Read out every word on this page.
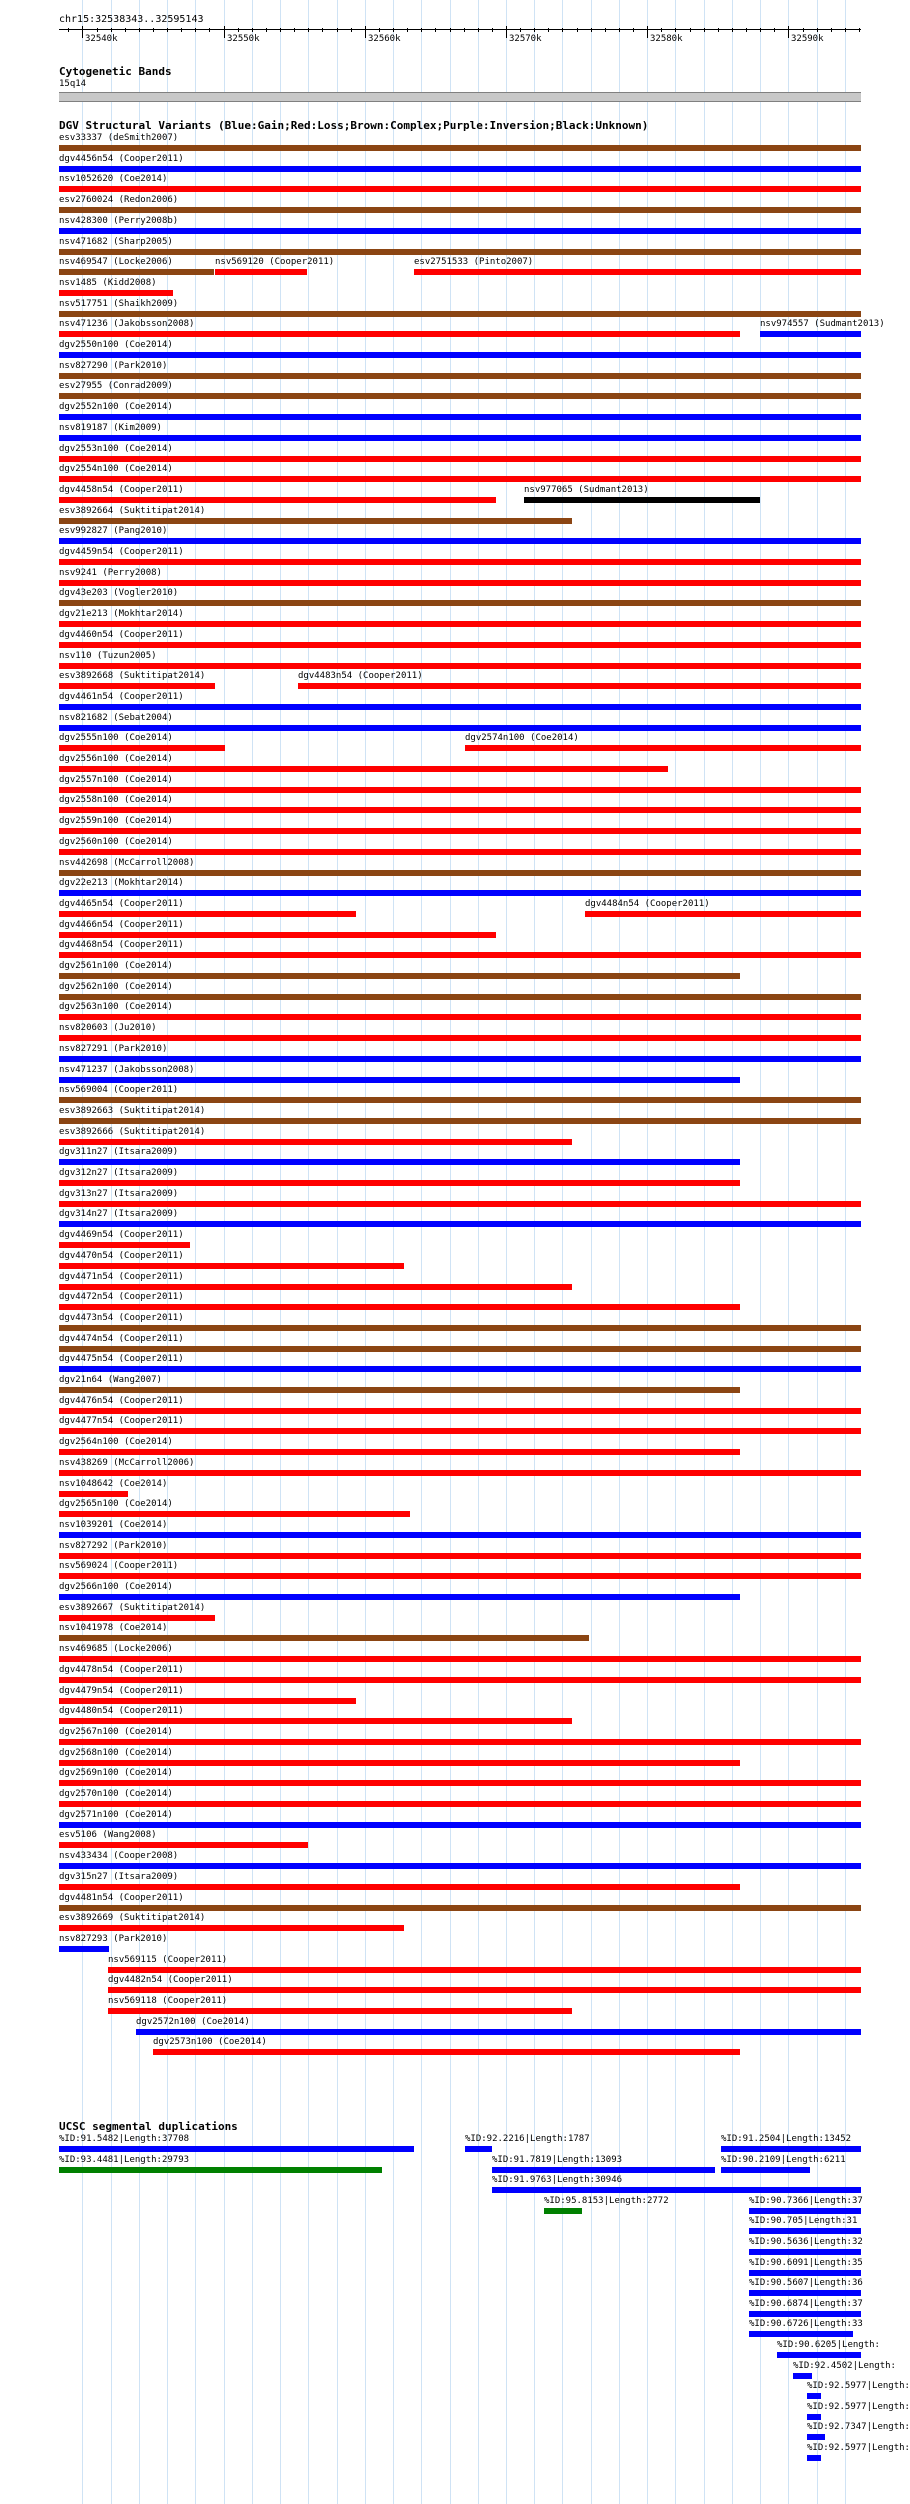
chr15:32538343..32595143
32540k	32550k	32560k	32570k	32580k	32590k
Cytogenetic Bands
15q14
DGV Structural Variants (Blue:Gain;Red:Loss;Brown:Complex;Purple:Inversion;Black:Unknown)
esv33337 (deSmith2007)
dgv4456n54 (Cooper2011)
nsv1052620 (Coe2014)
esv2760024 (Redon2006)
nsv428300 (Perry2008b)
nsv471682 (Sharp2005)
nsv469547 (Locke2006)	nsv569120 (Cooper2011)	esv2751533 (Pinto2007)
nsv1485 (Kidd2008)
nsv517751 (Shaikh2009)
nsv471236 (Jakobsson2008)	nsv974557 (Sudmant2013)
dgv2550n100 (Coe2014)
nsv827290 (Park2010)
esv27955 (Conrad2009)
dgv2552n100 (Coe2014)
nsv819187 (Kim2009)
dgv2553n100 (Coe2014)
dgv2554n100 (Coe2014)
dgv4458n54 (Cooper2011)	nsv977065 (Sudmant2013)
esv3892664 (Suktitipat2014)
esv992827 (Pang2010)
dgv4459n54 (Cooper2011)
nsv9241 (Perry2008)
dgv43e203 (Vogler2010)
dgv21e213 (Mokhtar2014)
dgv4460n54 (Cooper2011)
nsv110 (Tuzun2005)
esv3892668 (Suktitipat2014)	dgv4483n54 (Cooper2011)
dgv4461n54 (Cooper2011)
nsv821682 (Sebat2004)
dgv2555n100 (Coe2014)	dgv2574n100 (Coe2014)
dgv2556n100 (Coe2014)
dgv2557n100 (Coe2014)
dgv2558n100 (Coe2014)
dgv2559n100 (Coe2014)
dgv2560n100 (Coe2014)
nsv442698 (McCarroll2008)
dgv22e213 (Mokhtar2014)
dgv4465n54 (Cooper2011)	dgv4484n54 (Cooper2011)
dgv4466n54 (Cooper2011)
dgv4468n54 (Cooper2011)
dgv2561n100 (Coe2014)
dgv2562n100 (Coe2014)
dgv2563n100 (Coe2014)
nsv820603 (Ju2010)
nsv827291 (Park2010)
nsv471237 (Jakobsson2008)
nsv569004 (Cooper2011)
esv3892663 (Suktitipat2014)
esv3892666 (Suktitipat2014)
dgv311n27 (Itsara2009)
dgv312n27 (Itsara2009)
dgv313n27 (Itsara2009)
dgv314n27 (Itsara2009)
dgv4469n54 (Cooper2011)
dgv4470n54 (Cooper2011)
dgv4471n54 (Cooper2011)
dgv4472n54 (Cooper2011)
dgv4473n54 (Cooper2011)
dgv4474n54 (Cooper2011)
dgv4475n54 (Cooper2011)
dgv21n64 (Wang2007)
dgv4476n54 (Cooper2011)
dgv4477n54 (Cooper2011)
dgv2564n100 (Coe2014)
nsv438269 (McCarroll2006)
nsv1048642 (Coe2014)
dgv2565n100 (Coe2014)
nsv1039201 (Coe2014)
nsv827292 (Park2010)
nsv569024 (Cooper2011)
dgv2566n100 (Coe2014)
esv3892667 (Suktitipat2014)
nsv1041978 (Coe2014)
nsv469685 (Locke2006)
dgv4478n54 (Cooper2011)
dgv4479n54 (Cooper2011)
dgv4480n54 (Cooper2011)
dgv2567n100 (Coe2014)
dgv2568n100 (Coe2014)
dgv2569n100 (Coe2014)
dgv2570n100 (Coe2014)
dgv2571n100 (Coe2014)
esv5106 (Wang2008)
nsv433434 (Cooper2008)
dgv315n27 (Itsara2009)
dgv4481n54 (Cooper2011)
esv3892669 (Suktitipat2014)
nsv827293 (Park2010)
nsv569115 (Cooper2011)
dgv4482n54 (Cooper2011)
nsv569118 (Cooper2011)
dgv2572n100 (Coe2014)
dgv2573n100 (Coe2014)
UCSC segmental duplications
%ID:91.5482|Length:37708	%ID:92.2216|Length:1787	%ID:91.2504|Length:13452
%ID:93.4481|Length:29793	%ID:91.7819|Length:13093	%ID:90.2109|Length:6211
%ID:91.9763|Length:30946
%ID:95.8153|Length:2772	%ID:90.7366|Length:37
%ID:90.705|Length:31
%ID:90.5636|Length:32
%ID:90.6091|Length:35
%ID:90.5607|Length:36
%ID:90.6874|Length:37
%ID:90.6726|Length:33
%ID:90.6205|Length:
%ID:92.4502|Length:
%ID:92.5977|Length:
%ID:92.5977|Length:
%ID:92.7347|Length:
%ID:92.5977|Length:
